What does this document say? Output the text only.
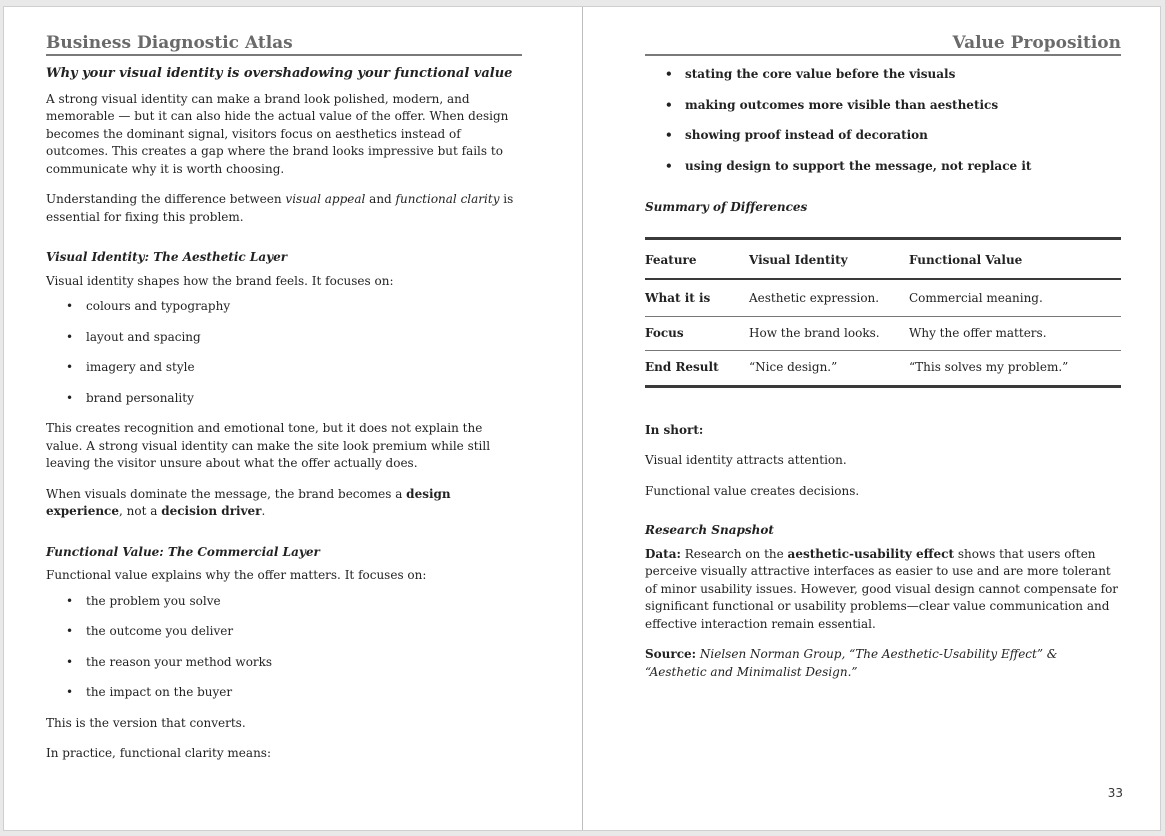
Business Diagnostic Atlas

Why your visual identity is overshadowing your functional value

A strong visual identity can make a brand look polished, modern, and memorable — but it can also hide the actual value of the offer. When design becomes the dominant signal, visitors focus on aesthetics instead of outcomes. This creates a gap where the brand looks impressive but fails to communicate why it is worth choosing.

Understanding the difference between visual appeal and functional clarity is essential for fixing this problem.

Visual Identity: The Aesthetic Layer

Visual identity shapes how the brand feels. It focuses on:

• colours and typography
• layout and spacing
• imagery and style
• brand personality

This creates recognition and emotional tone, but it does not explain the value. A strong visual identity can make the site look premium while still leaving the visitor unsure about what the offer actually does.

When visuals dominate the message, the brand becomes a design experience, not a decision driver.

Functional Value: The Commercial Layer

Functional value explains why the offer matters. It focuses on:

• the problem you solve
• the outcome you deliver
• the reason your method works
• the impact on the buyer

This is the version that converts.

In practice, functional clarity means:

Value Proposition
• stating the core value before the visuals
• making outcomes more visible than aesthetics
• showing proof instead of decoration
• using design to support the message, not replace it

Summary of Differences

Feature	Visual Identity	Functional Value
What it is	Aesthetic expression.	Commercial meaning.
Focus	How the brand looks.	Why the offer matters.
End Result	“Nice design.”	“This solves my problem.”

In short:

Visual identity attracts attention.

Functional value creates decisions.

Research Snapshot

Data: Research on the aesthetic-usability effect shows that users often perceive visually attractive interfaces as easier to use and are more tolerant of minor usability issues. However, good visual design cannot compensate for significant functional or usability problems—clear value communication and effective interaction remain essential.

Source: Nielsen Norman Group, “The Aesthetic-Usability Effect” & “Aesthetic and Minimalist Design.”

33
